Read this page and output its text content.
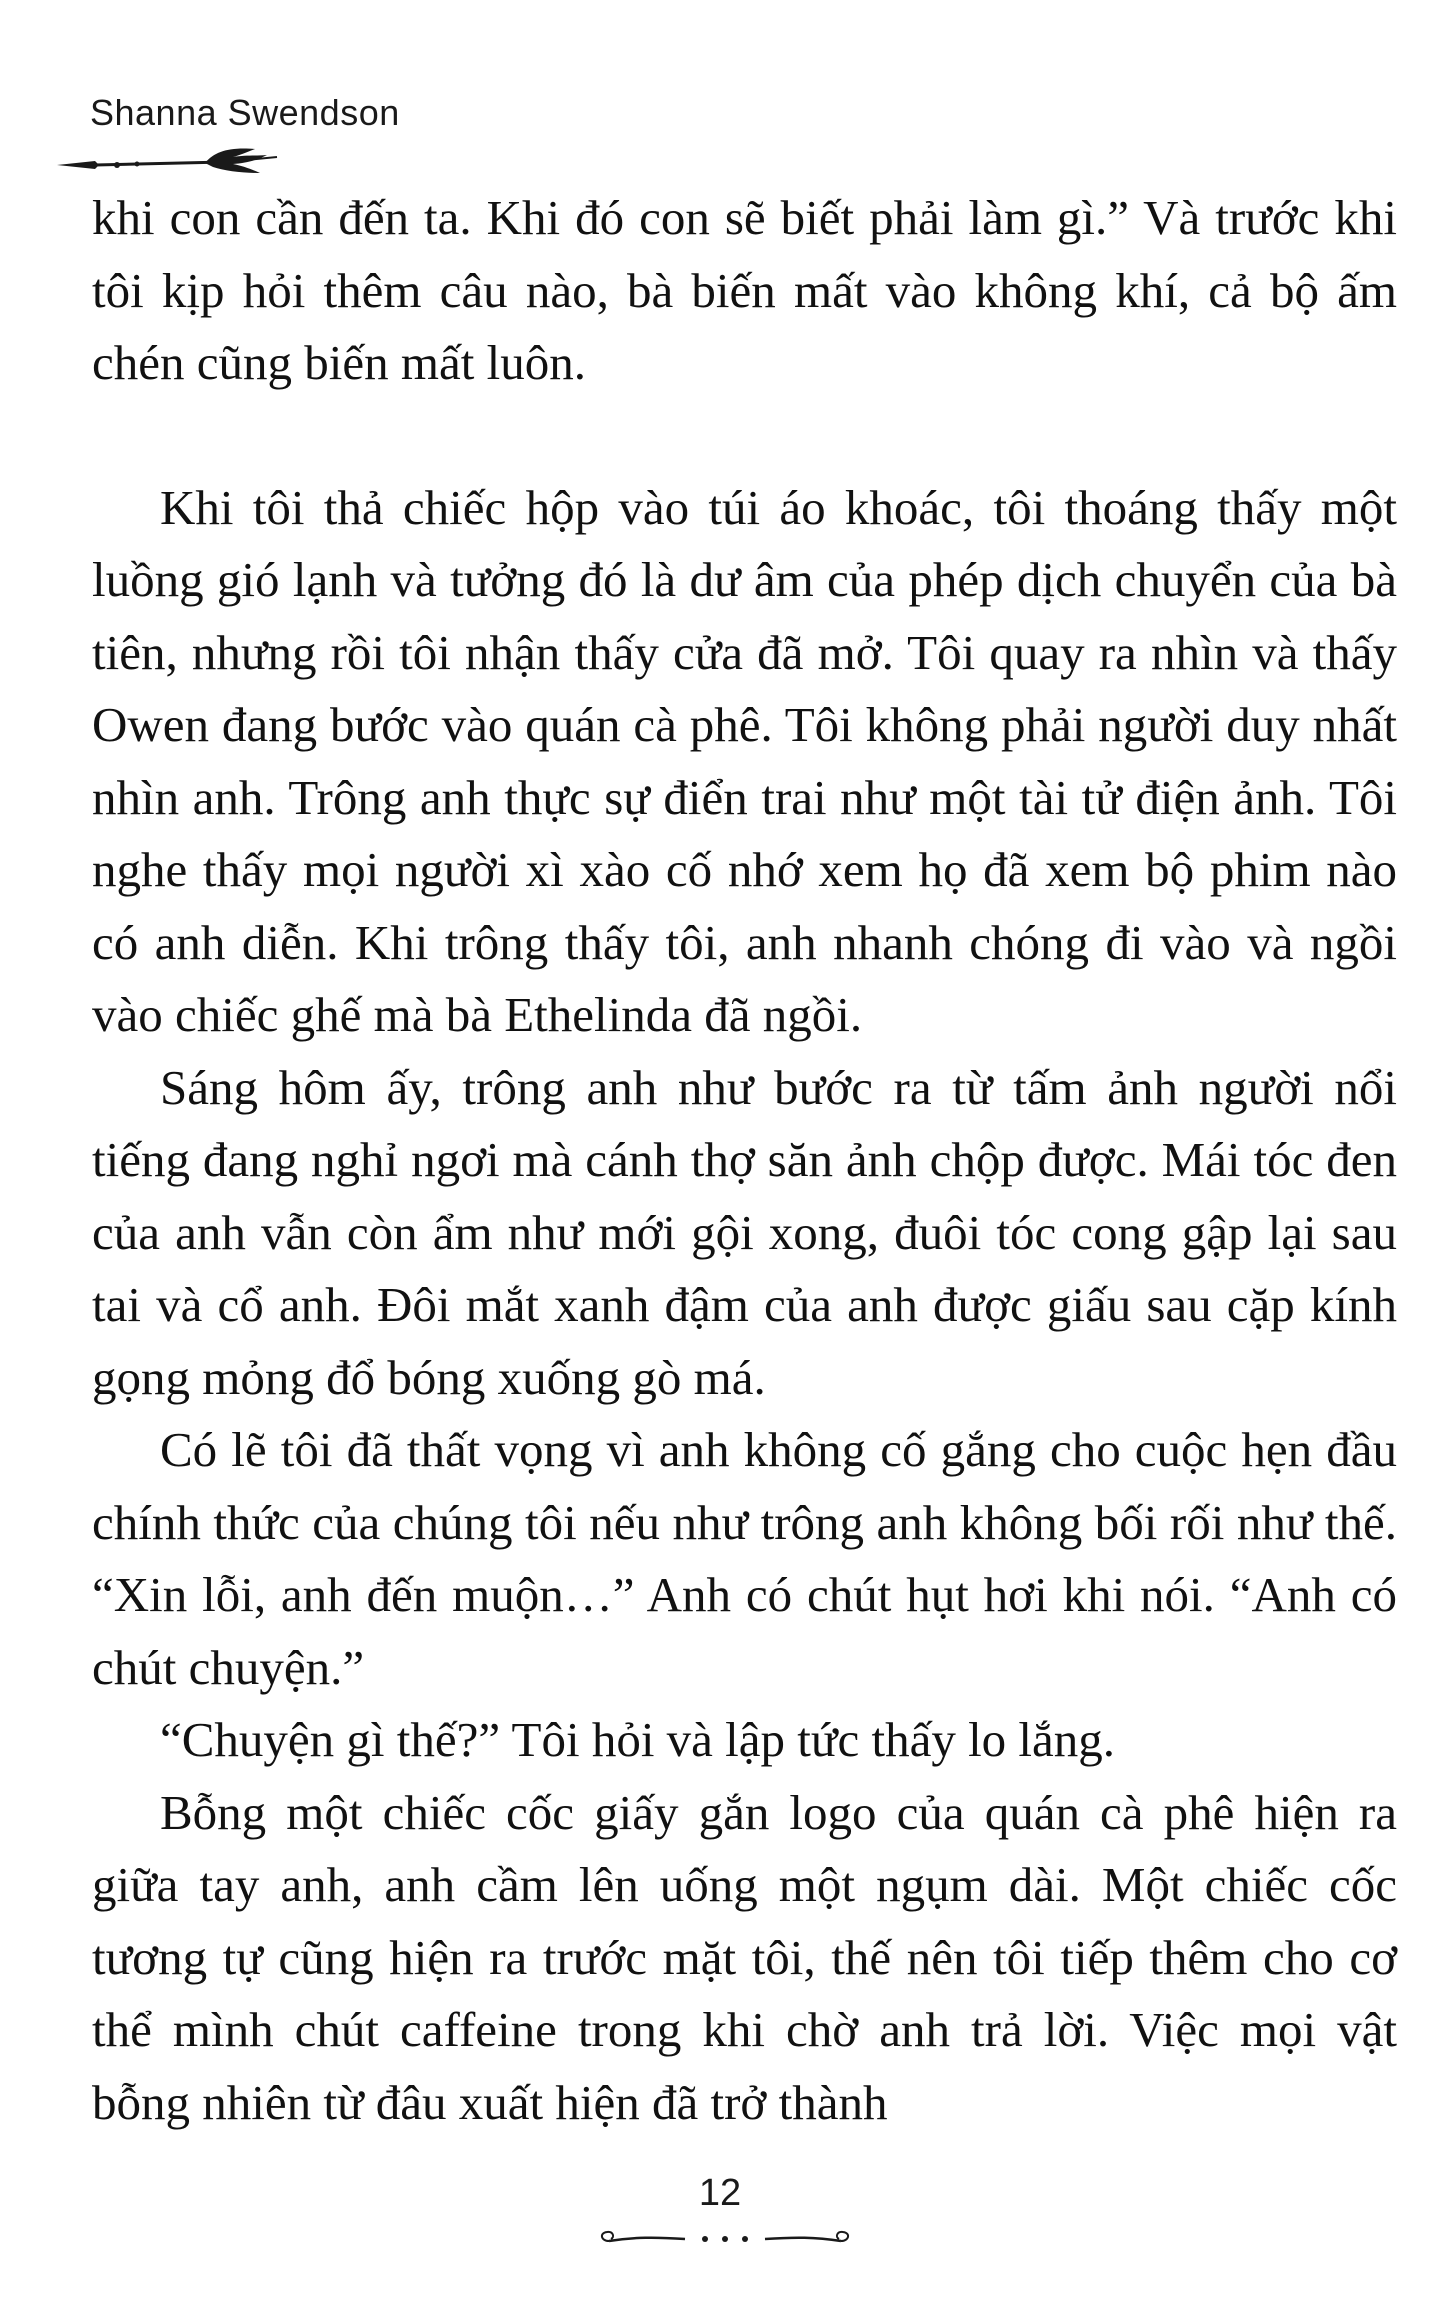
Shanna Swendson

khi con cần đến ta. Khi đó con sẽ biết phải làm gì.” Và trước khi tôi kịp hỏi thêm câu nào, bà biến mất vào không khí, cả bộ ấm chén cũng biến mất luôn.

Khi tôi thả chiếc hộp vào túi áo khoác, tôi thoáng thấy một luồng gió lạnh và tưởng đó là dư âm của phép dịch chuyển của bà tiên, nhưng rồi tôi nhận thấy cửa đã mở. Tôi quay ra nhìn và thấy Owen đang bước vào quán cà phê. Tôi không phải người duy nhất nhìn anh. Trông anh thực sự điển trai như một tài tử điện ảnh. Tôi nghe thấy mọi người xì xào cố nhớ xem họ đã xem bộ phim nào có anh diễn. Khi trông thấy tôi, anh nhanh chóng đi vào và ngồi vào chiếc ghế mà bà Ethelinda đã ngồi.

Sáng hôm ấy, trông anh như bước ra từ tấm ảnh người nổi tiếng đang nghỉ ngơi mà cánh thợ săn ảnh chộp được. Mái tóc đen của anh vẫn còn ẩm như mới gội xong, đuôi tóc cong gập lại sau tai và cổ anh. Đôi mắt xanh đậm của anh được giấu sau cặp kính gọng mỏng đổ bóng xuống gò má.

Có lẽ tôi đã thất vọng vì anh không cố gắng cho cuộc hẹn đầu chính thức của chúng tôi nếu như trông anh không bối rối như thế. “Xin lỗi, anh đến muộn…” Anh có chút hụt hơi khi nói. “Anh có chút chuyện.”

“Chuyện gì thế?” Tôi hỏi và lập tức thấy lo lắng.

Bỗng một chiếc cốc giấy gắn logo của quán cà phê hiện ra giữa tay anh, anh cầm lên uống một ngụm dài. Một chiếc cốc tương tự cũng hiện ra trước mặt tôi, thế nên tôi tiếp thêm cho cơ thể mình chút caffeine trong khi chờ anh trả lời. Việc mọi vật bỗng nhiên từ đâu xuất hiện đã trở thành

12
